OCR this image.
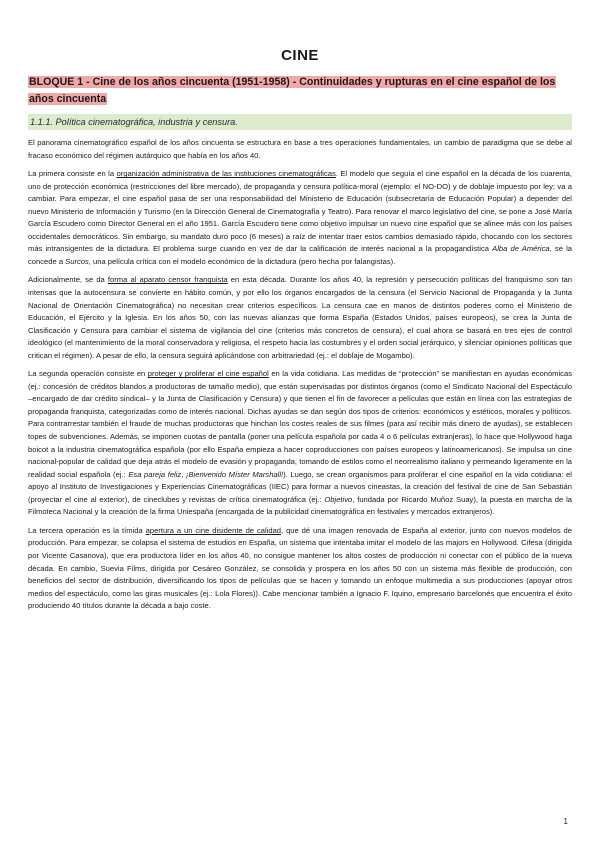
CINE
BLOQUE 1 - Cine de los años cincuenta (1951-1958) - Continuidades y rupturas en el cine español de los años cincuenta
1.1.1. Política cinematográfica, industria y censura.

El panorama cinematográfico español de los años cincuenta se estructura en base a tres operaciones fundamentales, un cambio de paradigma que se debe al fracaso económico del régimen autárquico que había en los años 40.

La primera consiste en la organización administrativa de las instituciones cinematográficas. El modelo que seguía el cine español en la década de los cuarenta, uno de protección económica (restricciones del libre mercado), de propaganda y censura política-moral (ejemplo: el NO-DO) y de doblaje impuesto por ley; va a cambiar. Para empezar, el cine español pasa de ser una responsabilidad del Ministerio de Educación (subsecretaría de Educación Popular) a depender del nuevo Ministerio de Información y Turismo (en la Dirección General de Cinematografía y Teatro). Para renovar el marco legislativo del cine, se pone a José María García Escudero como Director General en el año 1951. García Escudero tiene como objetivo impulsar un nuevo cine español que se alinee más con los países occidentales democráticos. Sin embargo, su mandato duro poco (6 meses) a raíz de intentar traer estos cambios demasiado rápido, chocando con los sectores más intransigentes de la dictadura. El problema surge cuando en vez de dar la calificación de interés nacional a la propagandística Alba de América, se la concede a Surcos, una película crítica con el modelo económico de la dictadura (pero hecha por falangistas).

Adicionalmente, se da forma al aparato censor franquista en esta década. Durante los años 40, la represión y persecución políticas del franquismo son tan intensas que la autocensura se convierte en hábito común, y por ello los órganos encargados de la censura (el Servicio Nacional de Propaganda y la Junta Nacional de Orientación Cinematográfica) no necesitan crear criterios específicos. La censura cae en manos de distintos poderes como el Ministerio de Educación, el Ejército y la Iglesia. En los años 50, con las nuevas alianzas que forma España (Estados Unidos, países europeos), se crea la Junta de Clasificación y Censura para cambiar el sistema de vigilancia del cine (criterios más concretos de censura), el cual ahora se basará en tres ejes de control ideológico (el mantenimiento de la moral conservadora y religiosa, el respeto hacia las costumbres y el orden social jerárquico, y silenciar opiniones políticas que critican el régimen). A pesar de ello, la censura seguirá aplicándose con arbitrariedad (ej.: el doblaje de Mogambo).

La segunda operación consiste en proteger y proliferar el cine español en la vida cotidiana. Las medidas de “protección” se manifiestan en ayudas económicas (ej.: concesión de créditos blandos a productoras de tamaño medio), que están supervisadas por distintos órganos (como el Sindicato Nacional del Espectáculo –encargado de dar crédito sindical– y la Junta de Clasificación y Censura) y que tienen el fin de favorecer a películas que están en línea con las estrategias de propaganda franquista, categorizadas como de interés nacional. Dichas ayudas se dan según dos tipos de criterios: económicos y estéticos, morales y políticos. Para contrarrestar también el fraude de muchas productoras que hinchan los costes reales de sus filmes (para así recibir más dinero de ayudas), se establecen topes de subvenciones. Además, se imponen cuotas de pantalla (poner una película española por cada 4 o 6 películas extranjeras), lo hace que Hollywood haga boicot a la industria cinematográfica española (por ello España empieza a hacer coproducciones con países europeos y latinoamericanos). Se impulsa un cine nacional-popular de calidad que deja atrás el modelo de evasión y propaganda, tomando de estilos como el neorrealismo italiano y permeando ligeramente en la realidad social española (ej.: Esa pareja feliz, ¡Bienvenido Míster Marshall!). Luego, se crean organismos para proliferar el cine español en la vida cotidiana: el apoyo al Instituto de Investigaciones y Experiencias Cinematográficas (IIEC) para formar a nuevos cineastas, la creación del festival de cine de San Sebastián (proyectar el cine al exterior), de cineclubes y revistas de crítica cinematográfica (ej.: Objetivo, fundada por Ricardo Muñoz Suay), la puesta en marcha de la Filmoteca Nacional y la creación de la firma Uniespaña (encargada de la publicidad cinematográfica en festivales y mercados extranjeros).

La tercera operación es la tímida apertura a un cine disidente de calidad, que dé una imagen renovada de España al exterior, junto con nuevos modelos de producción. Para empezar, se colapsa el sistema de estudios en España, un sistema que intentaba imitar el modelo de las majors en Hollywood. Cifesa (dirigida por Vicente Casanova), que era productora líder en los años 40, no consigue mantener los altos costes de producción ni conectar con el público de la nueva década. En cambio, Suevia Films, dirigida por Cesáreo González, se consolida y prospera en los años 50 con un sistema más flexible de producción, con beneficios del sector de distribución, diversificando los tipos de películas que se hacen y tomando un enfoque multimedia a sus producciones (apoyar otros medios del espectáculo, como las giras musicales (ej.: Lola Flores)). Cabe mencionar también a Ignacio F. Iquino, empresario barcelonés que encuentra el éxito produciendo 40 títulos durante la década a bajo coste.

1
